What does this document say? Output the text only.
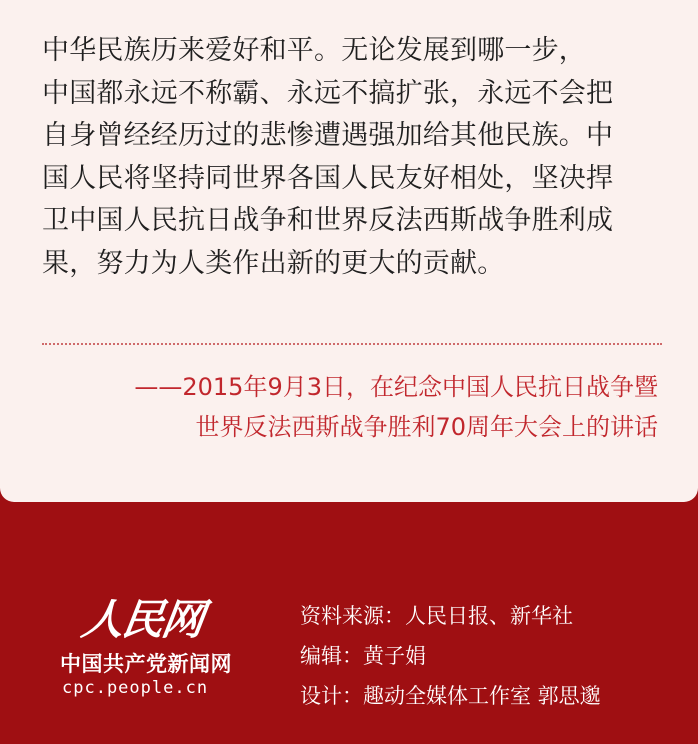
中华民族历来爱好和平。无论发展到哪一步，
中国都永远不称霸、永远不搞扩张，永远不会把
自身曾经经历过的悲惨遭遇强加给其他民族。中
国人民将坚持同世界各国人民友好相处，坚决捍
卫中国人民抗日战争和世界反法西斯战争胜利成
果，努力为人类作出新的更大的贡献。

——2015年9月3日，在纪念中国人民抗日战争暨
世界反法西斯战争胜利70周年大会上的讲话
人民网
中国共产党新闻网
cpc.people.cn
资料来源： 人民日报、新华社
编辑： 黄子娟
设计： 趣动全媒体工作室 郭思邈
